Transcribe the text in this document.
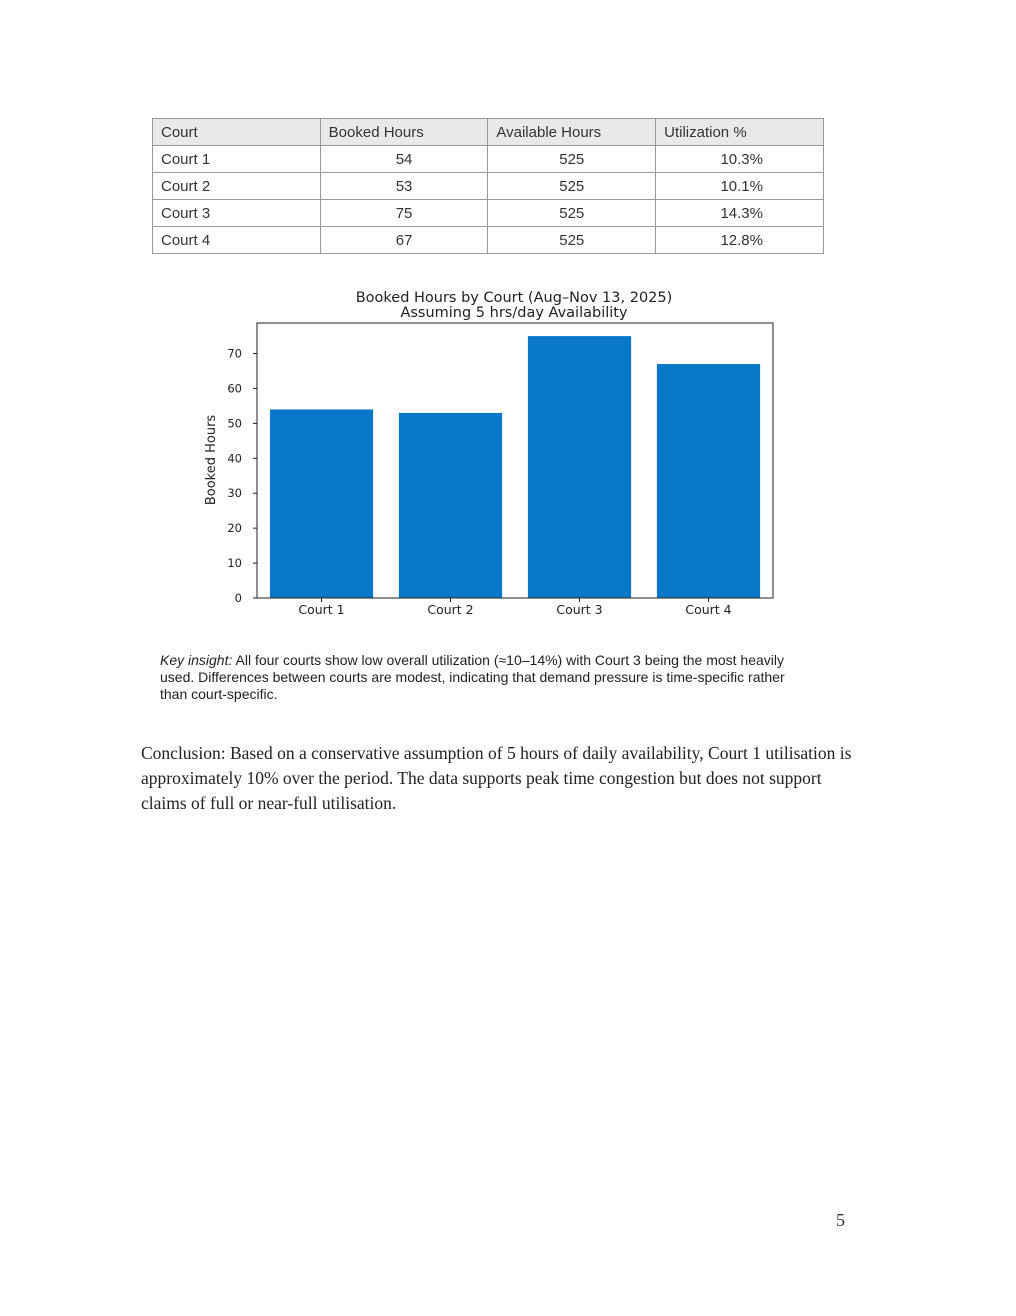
Court	Booked Hours	Available Hours	Utilization %
Court 1	54	525	10.3%
Court 2	53	525	10.1%
Court 3	75	525	14.3%
Court 4	67	525	12.8%
Booked Hours by Court (Aug–Nov 13, 2025)
Assuming 5 hrs/day Availability
Booked Hours
Court 1	Court 2	Court 3	Court 4
0
10
20
30
40
50
60
70
Key insight: All four courts show low overall utilization (≈10–14%) with Court 3 being the most heavily used. Differences between courts are modest, indicating that demand pressure is time-specific rather than court-specific.
Conclusion: Based on a conservative assumption of 5 hours of daily availability, Court 1 utilisation is approximately 10% over the period. The data supports peak time congestion but does not support claims of full or near-full utilisation.
5
